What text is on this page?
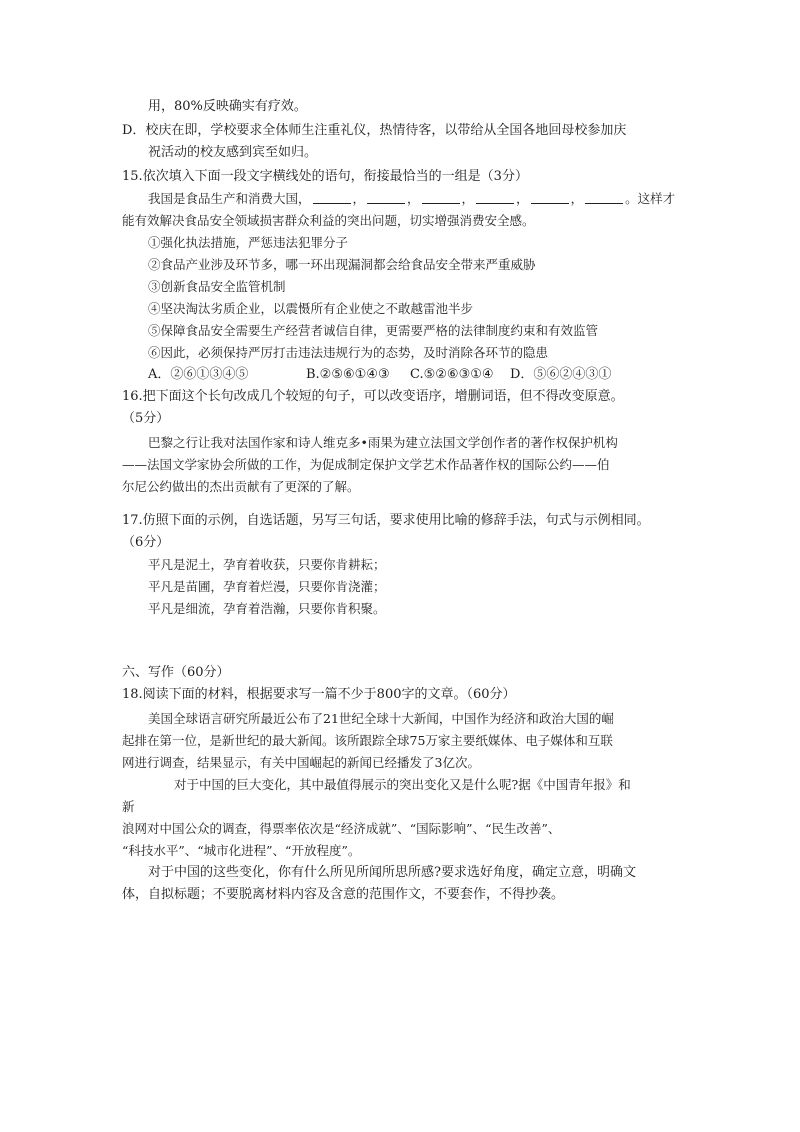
用，80%反映确实有疗效。
D．校庆在即，学校要求全体师生注重礼仪，热情待客，以带给从全国各地回母校参加庆
祝活动的校友感到宾至如归。
15.依次填入下面一段文字横线处的语句，衔接最恰当的一组是（3分）
我国是食品生产和消费大国，	，	，	，	，	，	。这样才
能有效解决食品安全领域损害群众利益的突出问题，切实增强消费安全感。
①强化执法措施，严惩违法犯罪分子
②食品产业涉及环节多，哪一环出现漏洞都会给食品安全带来严重威胁
③创新食品安全监管机制
④坚决淘汰劣质企业，以震慑所有企业使之不敢越雷池半步
⑤保障食品安全需要生产经营者诚信自律，更需要严格的法律制度约束和有效监管
⑥因此，必须保持严厉打击违法违规行为的态势，及时消除各环节的隐患
A．②⑥①③④⑤	B.②⑤⑥①④③ C.⑤②⑥③①④ D．⑤⑥②④③①
16.把下面这个长句改成几个较短的句子，可以改变语序，增删词语，但不得改变原意。
（5分）
巴黎之行让我对法国作家和诗人维克多•雨果为建立法国文学创作者的著作权保护机构
——法国文学家协会所做的工作，为促成制定保护文学艺术作品著作权的国际公约——伯
尔尼公约做出的杰出贡献有了更深的了解。
17.仿照下面的示例，自选话题，另写三句话，要求使用比喻的修辞手法，句式与示例相同。
（6分）
平凡是泥土，孕育着收获，只要你肯耕耘；
平凡是苗圃，孕育着烂漫，只要你肯浇灌；
平凡是细流，孕育着浩瀚，只要你肯积聚。
六、写作（60分）
18.阅读下面的材料，根据要求写一篇不少于800字的文章。（60分）
美国全球语言研究所最近公布了21世纪全球十大新闻，中国作为经济和政治大国的崛
起排在第一位，是新世纪的最大新闻。该所跟踪全球75万家主要纸媒体、电子媒体和互联
网进行调查，结果显示，有关中国崛起的新闻已经播发了3亿次。
对于中国的巨大变化，其中最值得展示的突出变化又是什么呢?据《中国青年报》和
新
浪网对中国公众的调查，得票率依次是“经济成就”、“国际影响”、“民生改善”、
“科技水平”、“城市化进程”、“开放程度”。
对于中国的这些变化，你有什么所见所闻所思所感?要求选好角度，确定立意，明确文
体，自拟标题；不要脱离材料内容及含意的范围作文，不要套作，不得抄袭。
